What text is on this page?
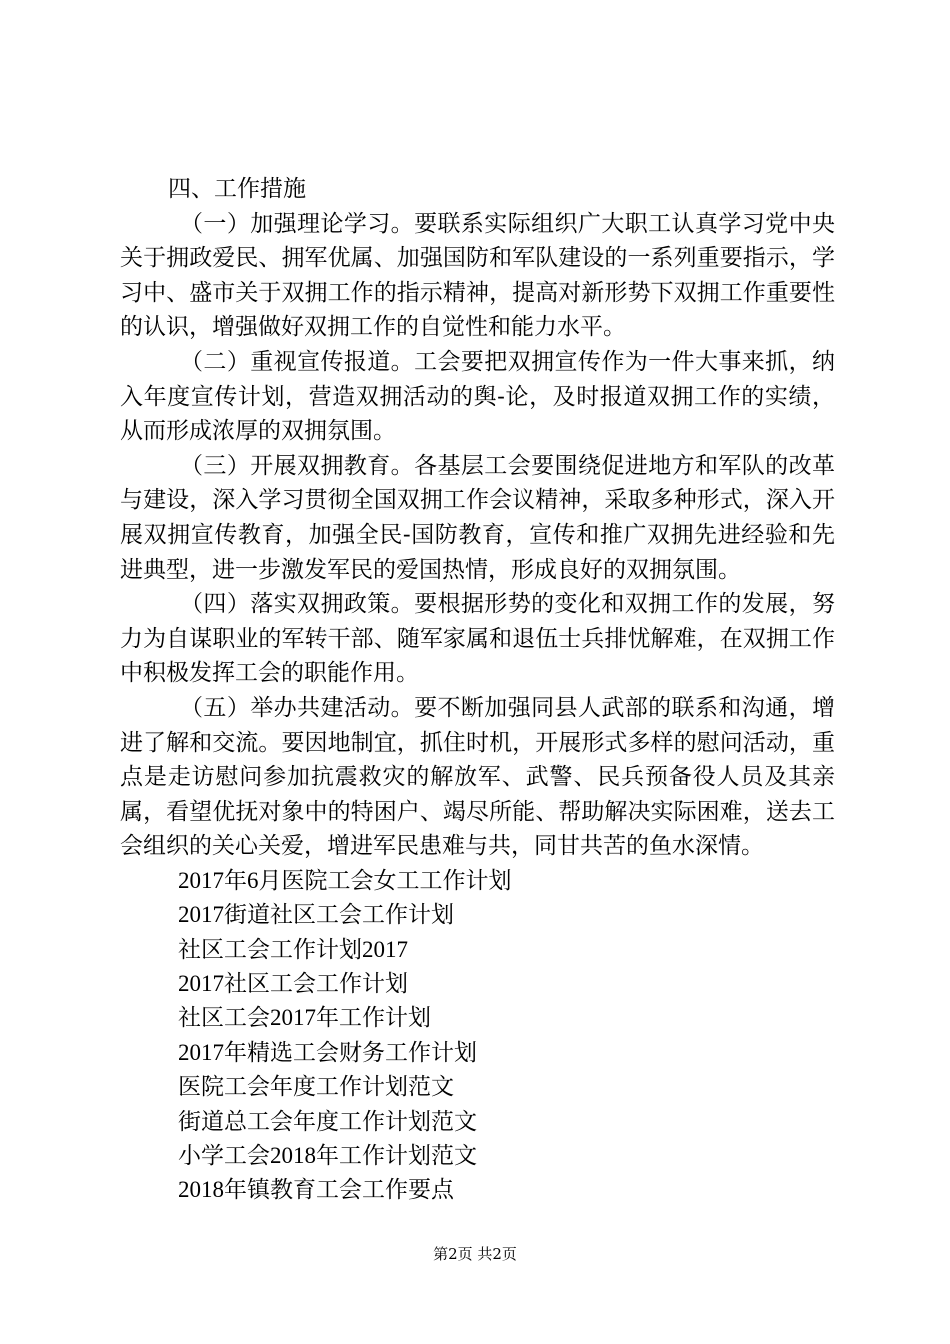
四、工作措施

（一）加强理论学习。要联系实际组织广大职工认真学习党中央关于拥政爱民、拥军优属、加强国防和军队建设的一系列重要指示，学习中、盛市关于双拥工作的指示精神，提高对新形势下双拥工作重要性的认识，增强做好双拥工作的自觉性和能力水平。

（二）重视宣传报道。工会要把双拥宣传作为一件大事来抓，纳入年度宣传计划，营造双拥活动的舆-论，及时报道双拥工作的实绩，从而形成浓厚的双拥氛围。

（三）开展双拥教育。各基层工会要围绕促进地方和军队的改革与建设，深入学习贯彻全国双拥工作会议精神，采取多种形式，深入开展双拥宣传教育，加强全民-国防教育，宣传和推广双拥先进经验和先进典型，进一步激发军民的爱国热情，形成良好的双拥氛围。

（四）落实双拥政策。要根据形势的变化和双拥工作的发展，努力为自谋职业的军转干部、随军家属和退伍士兵排忧解难，在双拥工作中积极发挥工会的职能作用。

（五）举办共建活动。要不断加强同县人武部的联系和沟通，增进了解和交流。要因地制宜，抓住时机，开展形式多样的慰问活动，重点是走访慰问参加抗震救灾的解放军、武警、民兵预备役人员及其亲属，看望优抚对象中的特困户、竭尽所能、帮助解决实际困难，送去工会组织的关心关爱，增进军民患难与共，同甘共苦的鱼水深情。

2017年6月医院工会女工工作计划
2017街道社区工会工作计划
社区工会工作计划2017
2017社区工会工作计划
社区工会2017年工作计划
2017年精选工会财务工作计划
医院工会年度工作计划范文
街道总工会年度工作计划范文
小学工会2018年工作计划范文
2018年镇教育工会工作要点
第2页 共2页
